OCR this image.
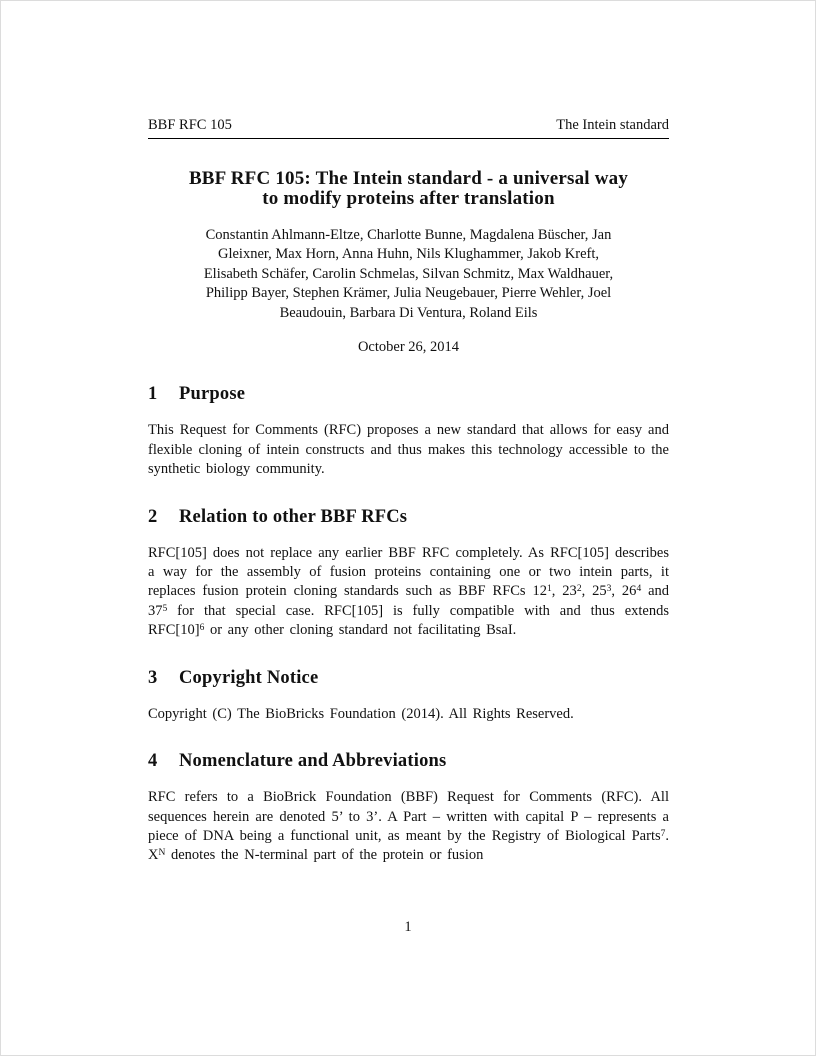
BBF RFC 105	The Intein standard
BBF RFC 105: The Intein standard - a universal way
to modify proteins after translation
Constantin Ahlmann-Eltze, Charlotte Bunne, Magdalena Büscher, Jan
Gleixner, Max Horn, Anna Huhn, Nils Klughammer, Jakob Kreft,
Elisabeth Schäfer, Carolin Schmelas, Silvan Schmitz, Max Waldhauer,
Philipp Bayer, Stephen Krämer, Julia Neugebauer, Pierre Wehler, Joel
Beaudouin, Barbara Di Ventura, Roland Eils
October 26, 2014
1 Purpose

This Request for Comments (RFC) proposes a new standard that allows for easy and flexible cloning of intein constructs and thus makes this technology accessible to the synthetic biology community.

2 Relation to other BBF RFCs

RFC[105] does not replace any earlier BBF RFC completely. As RFC[105] describes a way for the assembly of fusion proteins containing one or two intein parts, it replaces fusion protein cloning standards such as BBF RFCs $12^1$, $23^2$, $25^3$, $26^4$ and $37^5$ for that special case. RFC[105] is fully compatible with and thus extends $RFC[10]^6$ or any other cloning standard not facilitating BsaI.

3 Copyright Notice

Copyright (C) The BioBricks Foundation (2014). All Rights Reserved.

4 Nomenclature and Abbreviations

RFC refers to a BioBrick Foundation (BBF) Request for Comments (RFC). All sequences herein are denoted 5’ to 3’. A Part – written with capital P – represents a piece of DNA being a functional unit, as meant by the Registry of Biological Parts$^7$. $X^N$ denotes the N-terminal part of the protein or fusion

1
